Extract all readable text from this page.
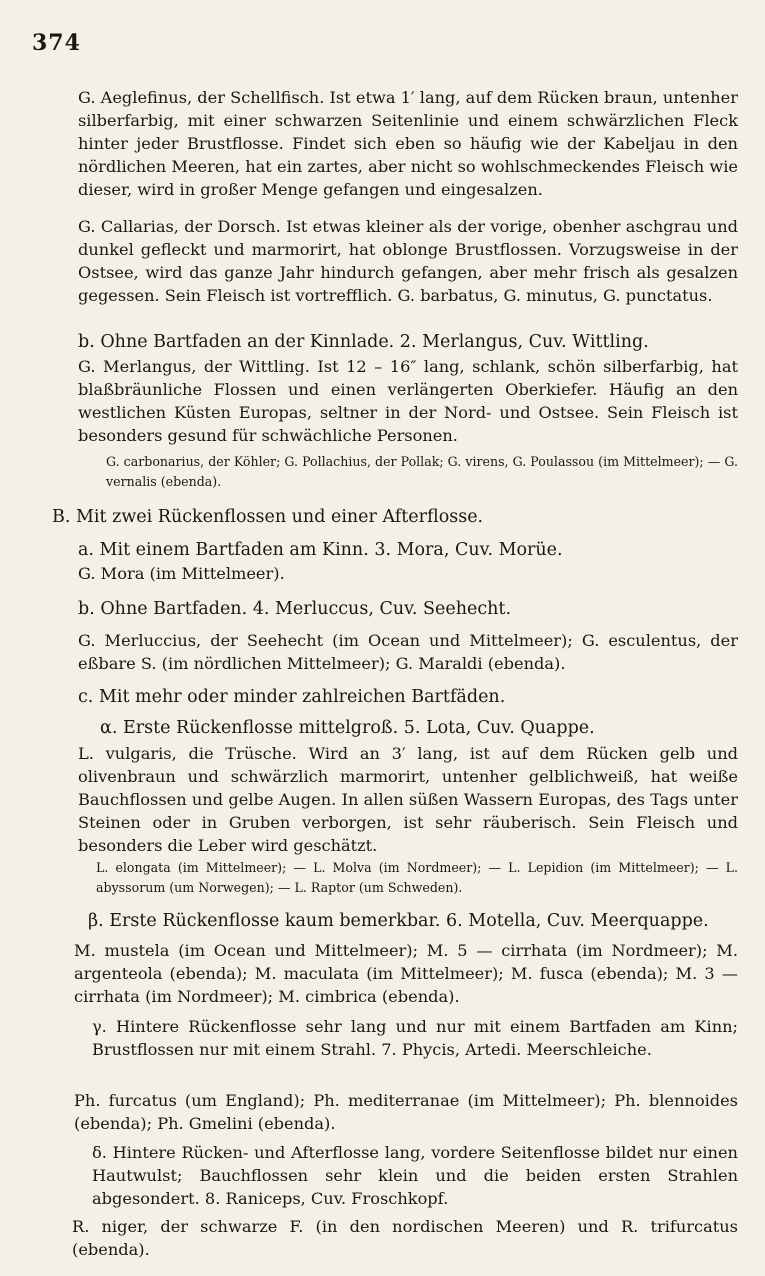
374
G. Aeglefinus, der Schellfisch. Ist etwa 1′ lang, auf dem Rücken braun, untenher silberfarbig, mit einer schwarzen Seitenlinie und einem schwärzlichen Fleck hinter jeder Brustflosse. Findet sich eben so häufig wie der Kabeljau in den nördlichen Meeren, hat ein zartes, aber nicht so wohlschmeckendes Fleisch wie dieser, wird in großer Menge gefangen und eingesalzen.
G. Callarias, der Dorsch. Ist etwas kleiner als der vorige, obenher aschgrau und dunkel gefleckt und marmorirt, hat oblonge Brustflossen. Vorzugsweise in der Ostsee, wird das ganze Jahr hindurch gefangen, aber mehr frisch als gesalzen gegessen. Sein Fleisch ist vortrefflich. G. barbatus, G. minutus, G. punctatus.
b. Ohne Bartfaden an der Kinnlade. 2. Merlangus, Cuv. Wittling.
G. Merlangus, der Wittling. Ist 12 – 16″ lang, schlank, schön silberfarbig, hat blaßbräunliche Flossen und einen verlängerten Oberkiefer. Häufig an den westlichen Küsten Europas, seltner in der Nord- und Ostsee. Sein Fleisch ist besonders gesund für schwächliche Personen.
G. carbonarius, der Köhler; G. Pollachius, der Pollak; G. virens, G. Poulassou (im Mittelmeer); — G. vernalis (ebenda).
B. Mit zwei Rückenflossen und einer Afterflosse.
a. Mit einem Bartfaden am Kinn. 3. Mora, Cuv. Morüe.
G. Mora (im Mittelmeer).
b. Ohne Bartfaden. 4. Merluccus, Cuv. Seehecht.
G. Merluccius, der Seehecht (im Ocean und Mittelmeer); G. esculentus, der eßbare S. (im nördlichen Mittelmeer); G. Maraldi (ebenda).
c. Mit mehr oder minder zahlreichen Bartfäden.
α. Erste Rückenflosse mittelgroß. 5. Lota, Cuv. Quappe.
L. vulgaris, die Trüsche. Wird an 3′ lang, ist auf dem Rücken gelb und olivenbraun und schwärzlich marmorirt, untenher gelblichweiß, hat weiße Bauchflossen und gelbe Augen. In allen süßen Wassern Europas, des Tags unter Steinen oder in Gruben verborgen, ist sehr räuberisch. Sein Fleisch und besonders die Leber wird geschätzt.
L. elongata (im Mittelmeer); — L. Molva (im Nordmeer); — L. Lepidion (im Mittelmeer); — L. abyssorum (um Norwegen); — L. Raptor (um Schweden).
β. Erste Rückenflosse kaum bemerkbar. 6. Motella, Cuv. Meerquappe.
M. mustela (im Ocean und Mittelmeer); M. 5 — cirrhata (im Nordmeer); M. argenteola (ebenda); M. maculata (im Mittelmeer); M. fusca (ebenda); M. 3 — cirrhata (im Nordmeer); M. cimbrica (ebenda).
γ. Hintere Rückenflosse sehr lang und nur mit einem Bartfaden am Kinn; Brustflossen nur mit einem Strahl. 7. Phycis, Artedi. Meerschleiche.
Ph. furcatus (um England); Ph. mediterranae (im Mittelmeer); Ph. blennoides (ebenda); Ph. Gmelini (ebenda).
δ. Hintere Rücken- und Afterflosse lang, vordere Seitenflosse bildet nur einen Hautwulst; Bauchflossen sehr klein und die beiden ersten Strahlen abgesondert. 8. Raniceps, Cuv. Froschkopf.
R. niger, der schwarze F. (in den nordischen Meeren) und R. trifurcatus (ebenda).
